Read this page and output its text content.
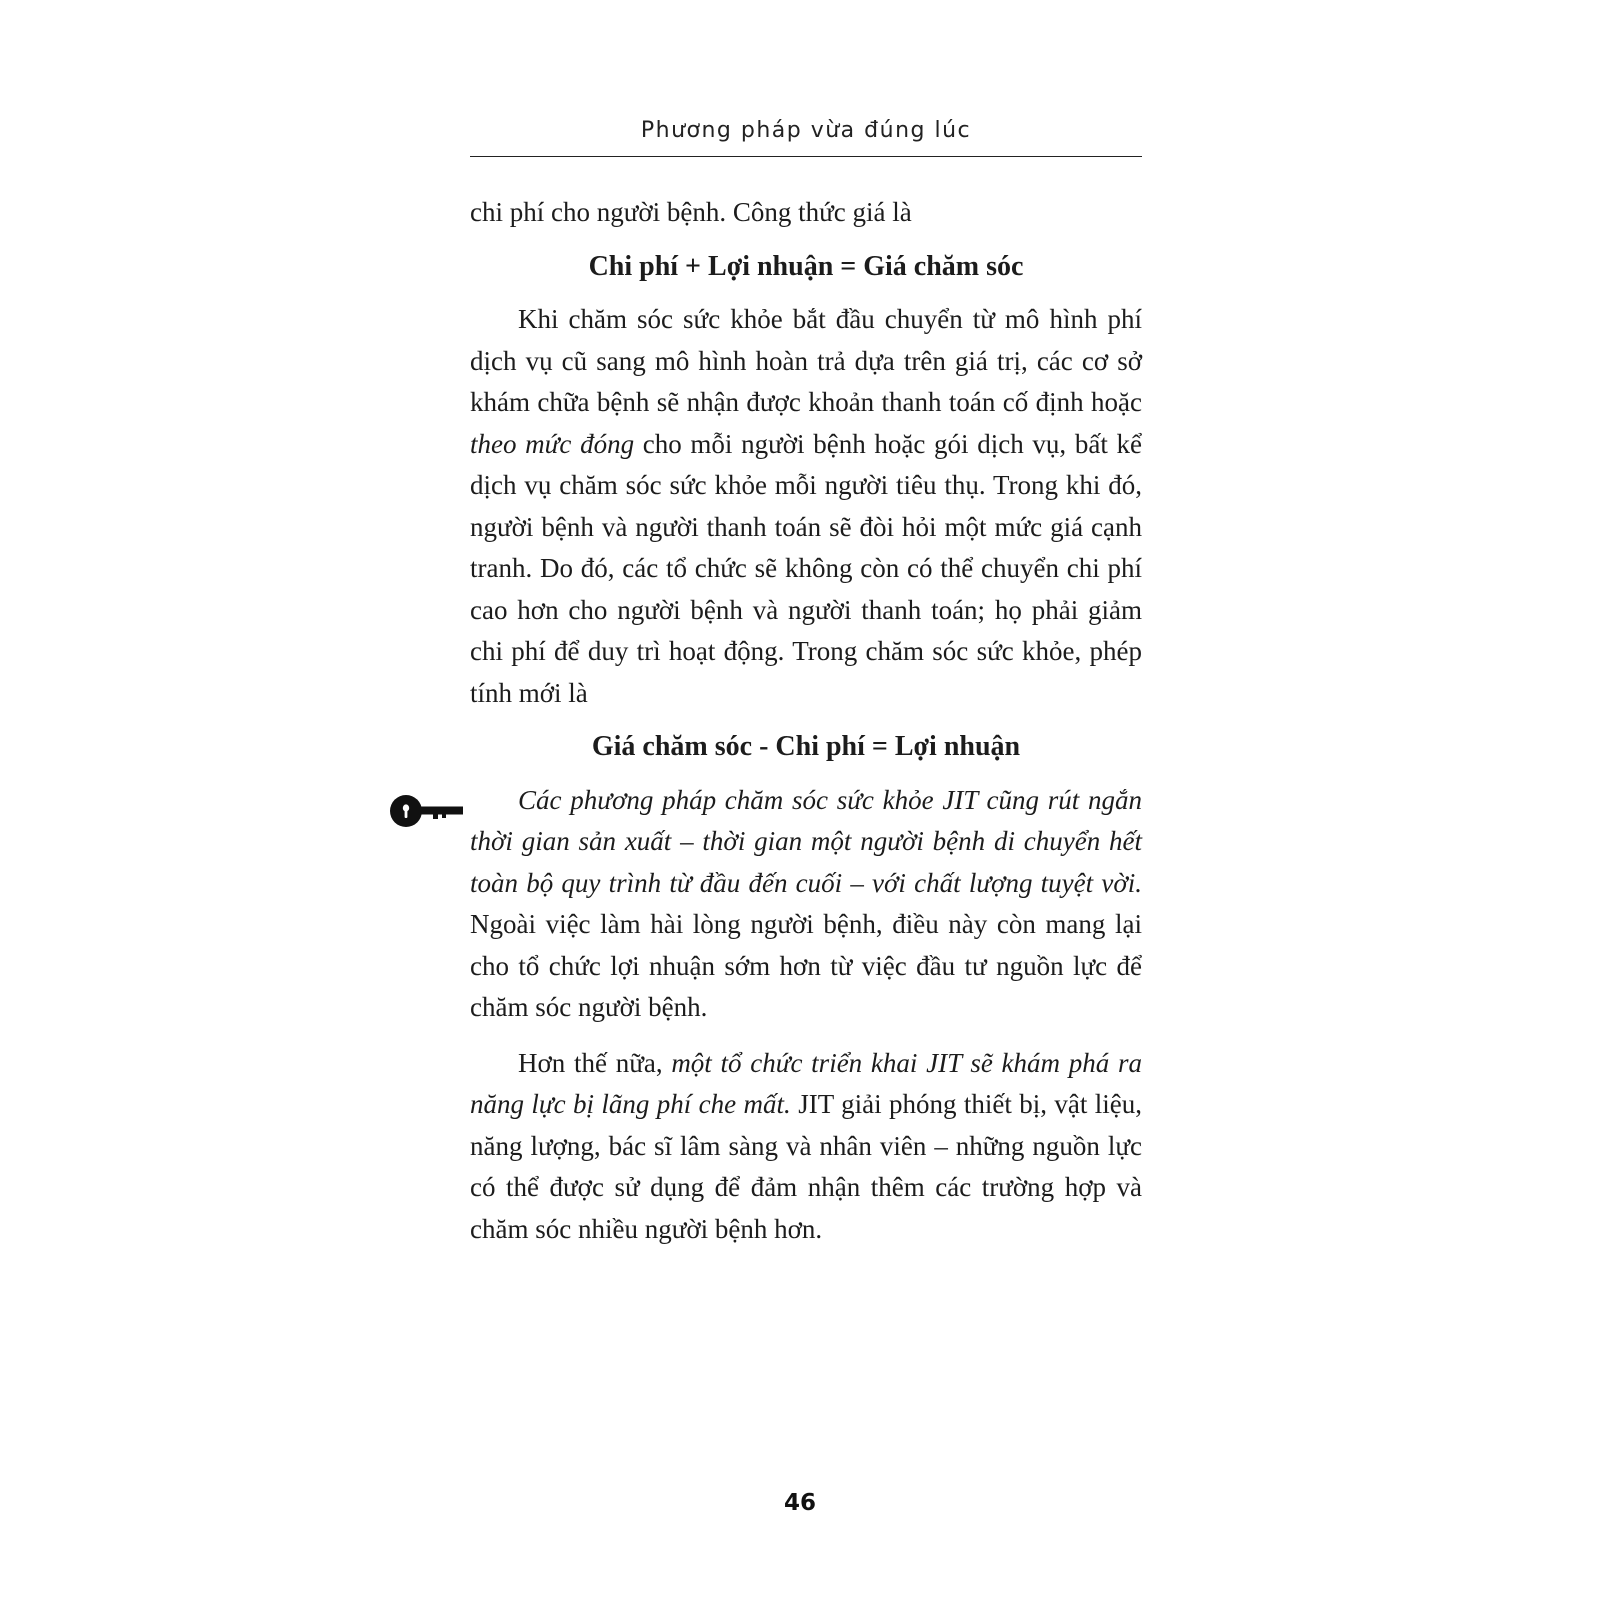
Phương pháp vừa đúng lúc

chi phí cho người bệnh. Công thức giá là

Chi phí + Lợi nhuận = Giá chăm sóc

Khi chăm sóc sức khỏe bắt đầu chuyển từ mô hình phí dịch vụ cũ sang mô hình hoàn trả dựa trên giá trị, các cơ sở khám chữa bệnh sẽ nhận được khoản thanh toán cố định hoặc theo mức đóng cho mỗi người bệnh hoặc gói dịch vụ, bất kể dịch vụ chăm sóc sức khỏe mỗi người tiêu thụ. Trong khi đó, người bệnh và người thanh toán sẽ đòi hỏi một mức giá cạnh tranh. Do đó, các tổ chức sẽ không còn có thể chuyển chi phí cao hơn cho người bệnh và người thanh toán; họ phải giảm chi phí để duy trì hoạt động. Trong chăm sóc sức khỏe, phép tính mới là

Giá chăm sóc - Chi phí = Lợi nhuận

Các phương pháp chăm sóc sức khỏe JIT cũng rút ngắn thời gian sản xuất – thời gian một người bệnh di chuyển hết toàn bộ quy trình từ đầu đến cuối – với chất lượng tuyệt vời. Ngoài việc làm hài lòng người bệnh, điều này còn mang lại cho tổ chức lợi nhuận sớm hơn từ việc đầu tư nguồn lực để chăm sóc người bệnh.

Hơn thế nữa, một tổ chức triển khai JIT sẽ khám phá ra năng lực bị lãng phí che mất. JIT giải phóng thiết bị, vật liệu, năng lượng, bác sĩ lâm sàng và nhân viên – những nguồn lực có thể được sử dụng để đảm nhận thêm các trường hợp và chăm sóc nhiều người bệnh hơn.

46
